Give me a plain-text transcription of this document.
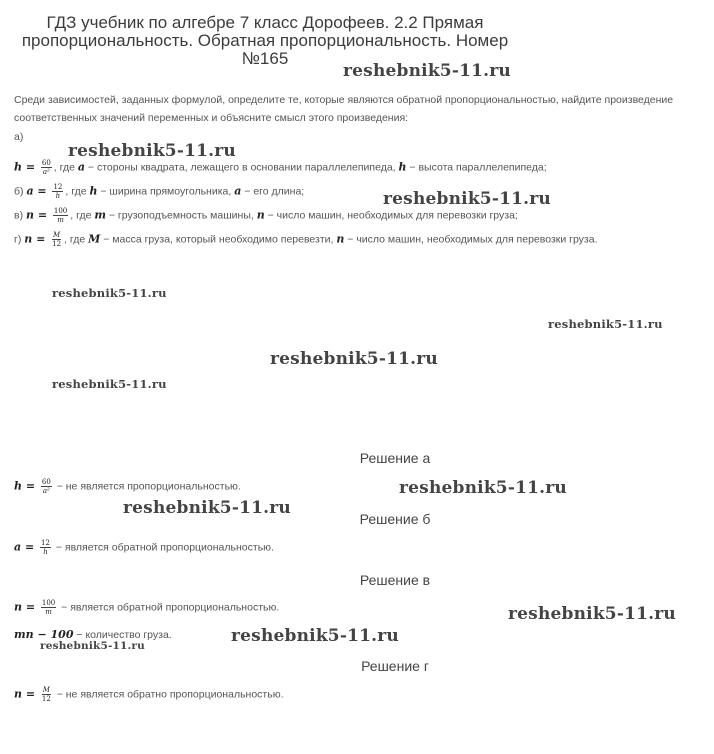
ГДЗ учебник по алгебре 7 класс Дорофеев. 2.2 Прямая
пропорциональность. Обратная пропорциональность. Номер
№165
Среди зависимостей, заданных формулой, определите те, которые являются обратной пропорциональностью, найдите произведение соответственных значений переменных и объясните смысл этого произведения:
а)
$h = \frac{60}{\text{a²}}$ , где a − стороны квадрата, лежащего в основании параллелепипеда, h − высота параллелепипеда;
б) $a = \frac{12}{h}$ , где h − ширина прямоугольника, a − его длина;
в) $n = \frac{100}{m}$ , где m − грузоподъемность машины, n − число машин, необходимых для перевозки груза;
г) $n = \frac{M}{12}$ , где M − масса груза, который необходимо перевезти, n − число машин, необходимых для перевозки груза.
Решение а
$h = \frac{60}{\text{a²}}$ − не является пропорциональностью.
Решение б
$a = \frac{12}{h}$ − является обратной пропорциональностью.
Решение в
$n = \frac{100}{m}$ − является обратной пропорциональностью.
mn − 100 − количество груза.
Решение г
$n = \frac{M}{12}$ − не является обратно пропорциональностью.
reshebnik5-11.ru
reshebnik5-11.ru
reshebnik5-11.ru
reshebnik5-11.ru
reshebnik5-11.ru
reshebnik5-11.ru
reshebnik5-11.ru
reshebnik5-11.ru
reshebnik5-11.ru
reshebnik5-11.ru
reshebnik5-11.ru
reshebnik5-11.ru
